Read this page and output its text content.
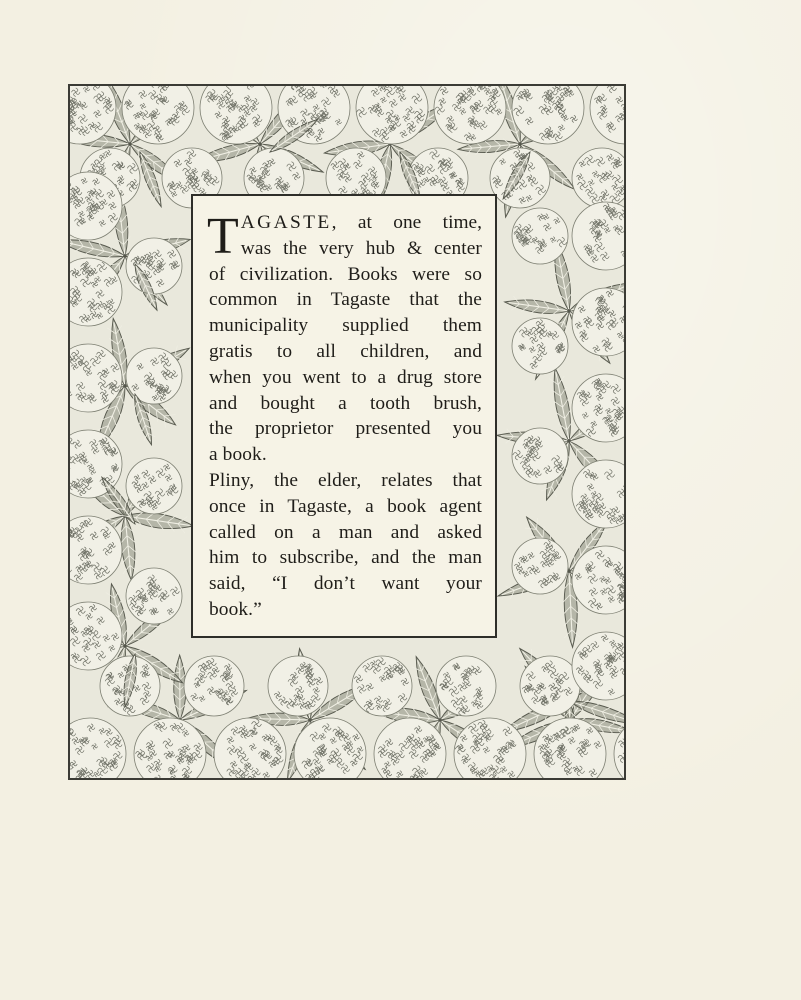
T AGASTE, at one time,
was the very hub & center
of civilization. Books were so
common in Tagaste that the
municipality supplied them
gratis to all children, and
when you went to a drug store
and bought a tooth brush,
the proprietor presented you
a book.
Pliny, the elder, relates that
once in Tagaste, a book agent
called on a man and asked
him to subscribe, and the man
said, “I don’t want your
book.”
